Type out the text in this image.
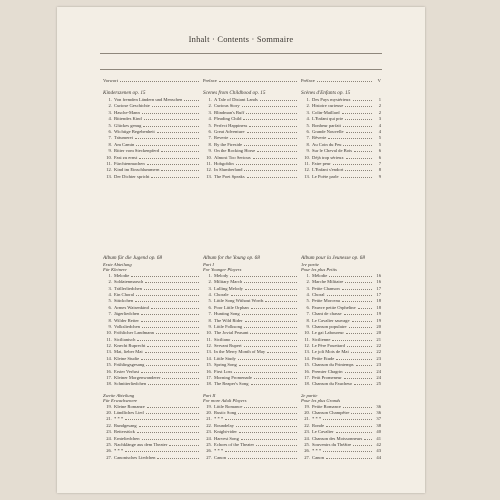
Inhalt · Contents · Sommaire
Vorwort	Preface	Préface	V
Kinderszenen op. 15
1. Von fremden Ländern und Menschen
2. Curiose Geschichte
3. Hasche-Mann
4. Bittendes Kind
5. Glückes genug
6. Wichtige Begebenheit
7. Träumerei
8. Am Camin
9. Ritter vom Steckenpferd
10. Fast zu ernst
11. Fürchtenmachen
12. Kind im Einschlummern
13. Der Dichter spricht
Scenes from Childhood op. 15
1. A Tale of Distant Lands
2. Curious Story
3. Blindman's Buff
4. Pleading Child
5. Perfect Happiness
6. Great Adventure
7. Reverie
8. By the Fireside
9. On the Rocking Horse
10. Almost Too Serious
11. Hobgoblin
12. In Slumberland
13. The Poet Speaks
Scènes d'Enfants op. 15
1. Des Pays mystérieux	1
2. Histoire curieuse	2
3. Colin-Maillard	2
4. L'Enfant qui prie	3
5. Bonheur parfait	4
6. Grande Nouvelle	4
7. Rêverie	5
8. Au Coin du Feu	5
9. Sur le Cheval de Bois	6
10. Déjà trop sérieux	6
11. Faire peur	7
12. L'Enfant s'endort	8
13. Le Poète parle	9
Album für die Jugend op. 68
Erste Abteilung
Für Kleinere
1. Melodie
2. Soldatenmarsch
3. Trällerliedchen
4. Ein Choral
5. Stückchen
6. Armes Waisenkind
7. Jägerliedchen
8. Wilder Reiter
9. Volksliedchen
10. Fröhlicher Landmann
11. Sicilianisch
12. Knecht Ruprecht
13. Mai, lieber Mai
14. Kleine Studie
15. Frühlingsgesang
16. Erster Verlust
17. Kleiner Morgenwanderer
18. Schnitterliedchen
Zweite Abteilung
Für Erwachsenere
19. Kleine Romanze
20. Ländliches Lied
21. * * *
22. Rundgesang
23. Reiterstück
24. Ernteliedchen
25. Nachklänge aus dem Theater
26. * * *
27. Canonisches Liedchen
Album for the Young op. 68
Part I
For Younger Players
1. Melody
2. Military March
3. Lulling Melody
4. Chorale
5. Little Song Without Words
6. Poor Little Orphan
7. Hunting Song
8. The Wild Rider
9. Little Folksong
10. The Jovial Peasant
11. Siciliano
12. Servant Rupert
13. In the Merry Month of May
14. Little Study
15. Spring Song
16. First Loss
17. Morning Promenade
18. The Reaper's Song
Part II
For more Adult Players
19. Little Romance
20. Rustic Song
21. * * *
22. Roundelay
23. Knight-rider
24. Harvest Song
25. Echoes of the Theater
26. * * *
27. Canon
Album pour la Jeunesse op. 68
1re partie
Pour les plus Petits
1. Mélodie	16
2. Marche Militaire	16
3. Petite Chanson	17
4. Choral	17
5. Petite Morceau	18
6. Pauvre petite Orpheline	18
7. Chant de chasse	19
8. Le Cavalier sauvage	19
9. Chanson populaire	20
10. Le gai Laboureur	20
11. Sicilienne	21
12. Le Père Fouettard	22
13. Le joli Mois de Mai	22
14. Petite Etude	23
15. Chanson du Printemps	23
16. Premier Chagrin	24
17. Petit Promeneur	24
18. Chanson du Faucheur	25
2e partie
Pour les plus Grands
19. Petite Romance	36
20. Chanson Champêtre	36
21. * * *	37
22. Ronde	38
23. Le Cavalier	40
24. Chanson des Moissonneurs	41
25. Souvenirs du Théâtre	42
26. * * *	43
27. Canon	44
